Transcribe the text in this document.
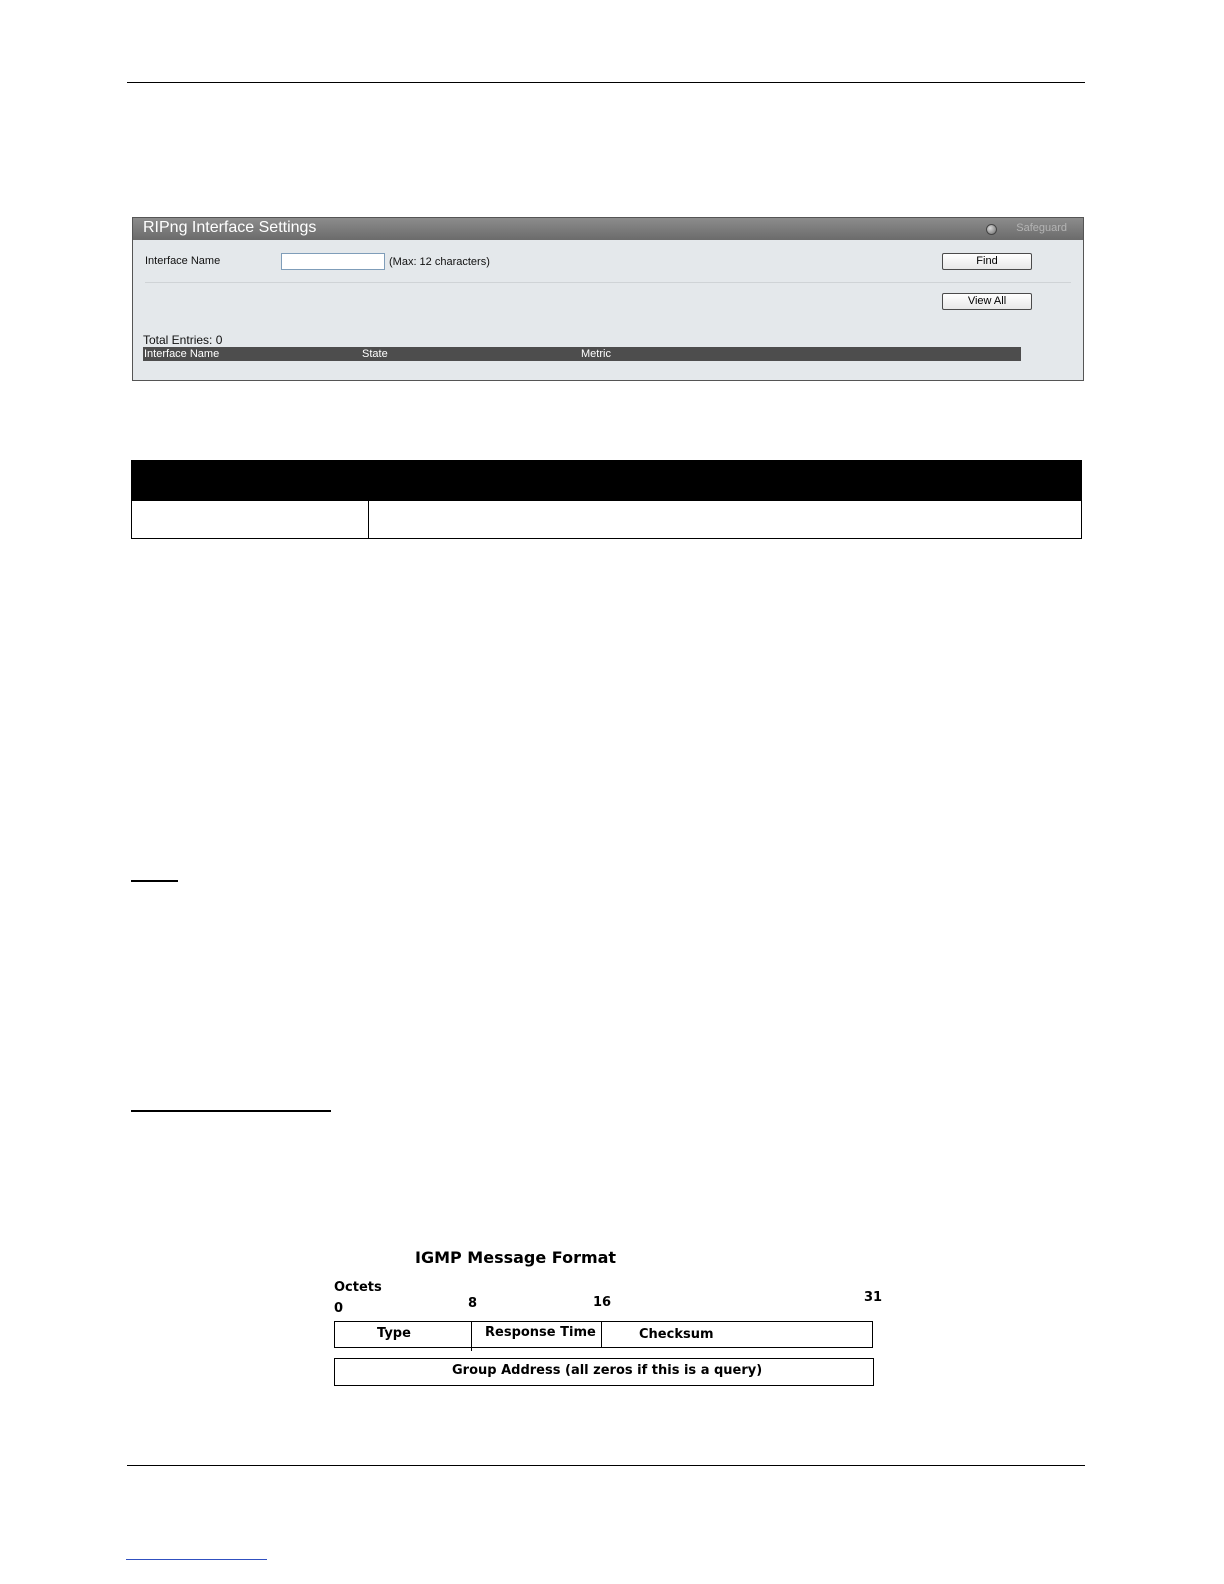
RIPng Interface Settings	Safeguard
Interface Name	(Max: 12 characters)	Find
View All
Total Entries: 0
Interface Name	State	Metric
IGMP Message Format
Octets
0	8	16	31
Type	Response Time	Checksum
Group Address (all zeros if this is a query)
